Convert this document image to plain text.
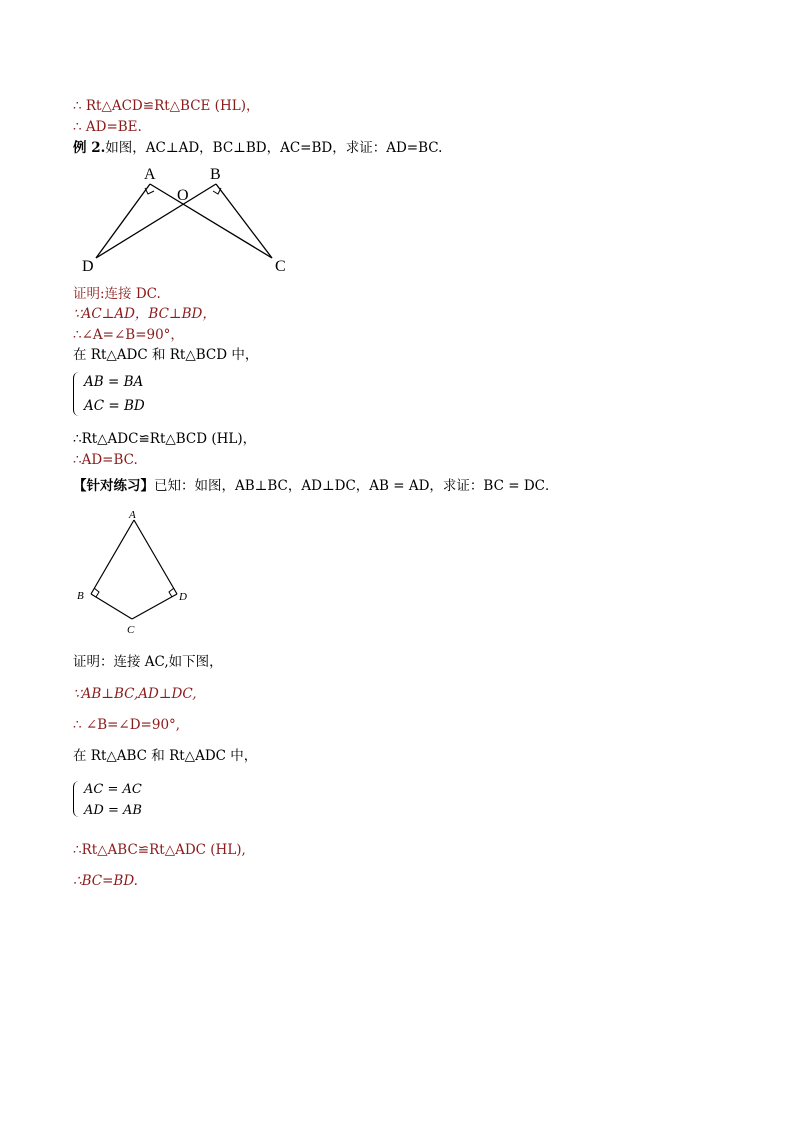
∴ Rt△ACD≌Rt△BCE (HL)，
∴ AD=BE.
例 2.如图，AC⊥AD，BC⊥BD，AC=BD，求证：AD=BC.
A	B
O
D	C
证明:连接 DC.
∵AC⊥AD，BC⊥BD，
∴∠A=∠B=90°，
在 Rt△ADC 和 Rt△BCD 中，
AB = BA
AC = BD
∴Rt△ADC≌Rt△BCD (HL)，
∴AD=BC.
【针对练习】已知：如图，AB⊥BC，AD⊥DC，AB = AD，求证：BC = DC．
A
B	D
C
证明：连接 AC,如下图，
∵AB⊥BC,AD⊥DC,
∴ ∠B=∠D=90°,
在 Rt△ABC 和 Rt△ADC 中，
AC = AC
AD = AB
∴Rt△ABC≌Rt△ADC (HL),
∴BC=BD.
